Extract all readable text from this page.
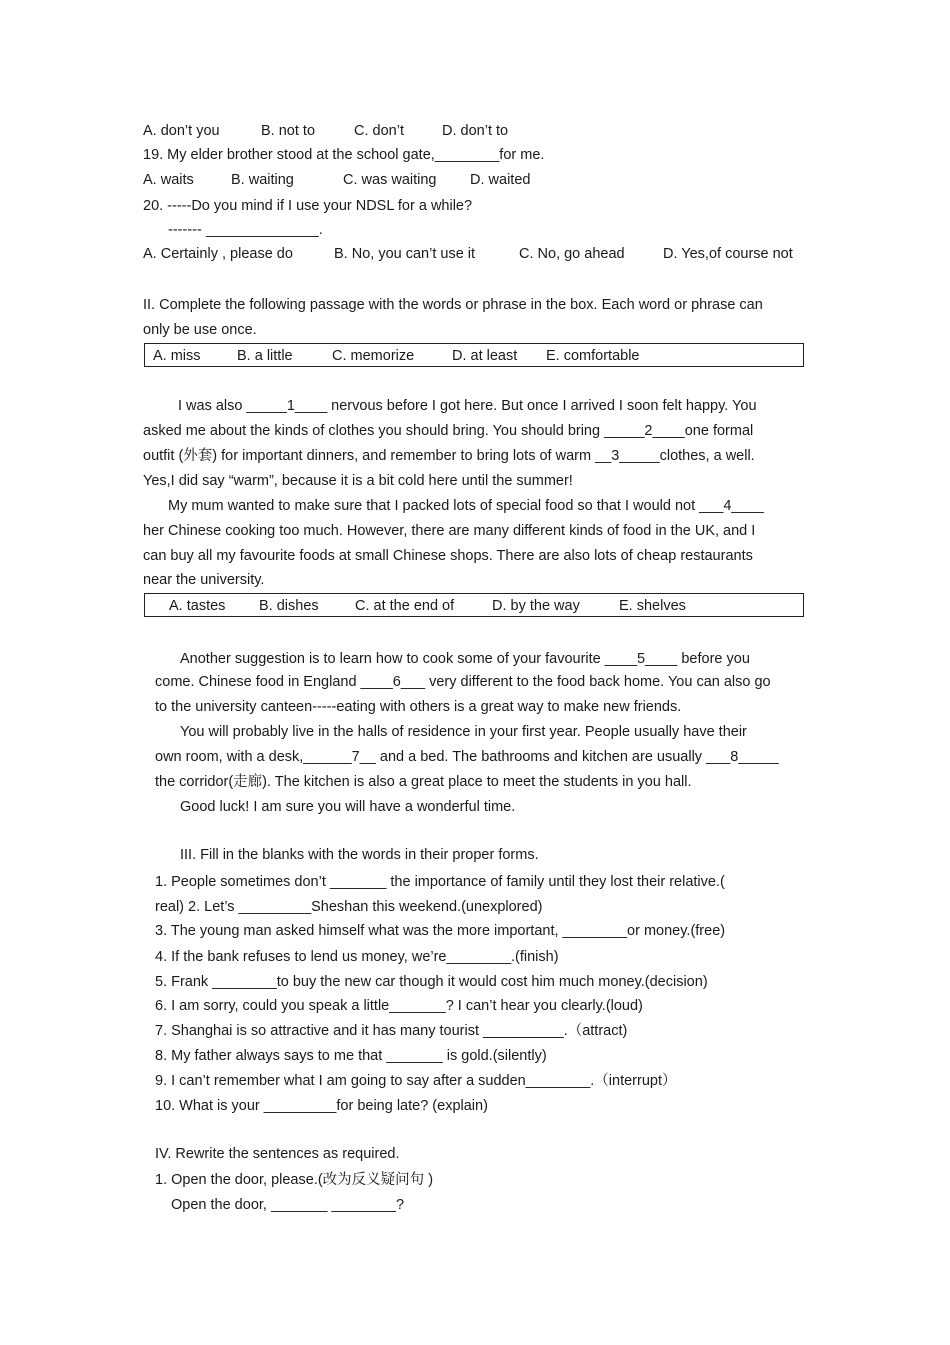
A. don’t you	B. not to	C. don’t	D. don’t to
19. My elder brother stood at the school gate,________for me.
A. waits	B. waiting	C. was waiting D. waited
20. -----Do you mind if I use your NDSL for a while?
------- ______________.
A. Certainly , please do	B. No, you can’t use it	C. No, go ahead	D. Yes,of course not
II. Complete the following passage with the words or phrase in the box. Each word or phrase can
only be use once.
A. miss	B. a little	C. memorize	D. at least E. comfortable
I was also _____1____ nervous before I got here. But once I arrived I soon felt happy. You
asked me about the kinds of clothes you should bring. You should bring _____2____one formal
outfit (外套) for important dinners, and remember to bring lots of warm __3_____clothes, a well.
Yes,I did say “warm”, because it is a bit cold here until the summer!
My mum wanted to make sure that I packed lots of special food so that I would not ___4____
her Chinese cooking too much. However, there are many different kinds of food in the UK, and I
can buy all my favourite foods at small Chinese shops. There are also lots of cheap restaurants
near the university.
A. tastes B. dishes	C. at the end of	D. by the way	E. shelves
Another suggestion is to learn how to cook some of your favourite ____5____ before you
come. Chinese food in England ____6___ very different to the food back home. You can also go
to the university canteen-----eating with others is a great way to make new friends.
You will probably live in the halls of residence in your first year. People usually have their
own room, with a desk,______7__ and a bed. The bathrooms and kitchen are usually ___8_____
the corridor(走廊). The kitchen is also a great place to meet the students in you hall.
Good luck! I am sure you will have a wonderful time.
III. Fill in the blanks with the words in their proper forms.
1. People sometimes don’t _______ the importance of family until they lost their relative.(
real) 2. Let’s _________Sheshan this weekend.(unexplored)
3. The young man asked himself what was the more important, ________or money.(free)
4. If the bank refuses to lend us money, we’re________.(finish)
5. Frank ________to buy the new car though it would cost him much money.(decision)
6. I am sorry, could you speak a little_______? I can’t hear you clearly.(loud)
7. Shanghai is so attractive and it has many tourist __________.（attract)
8. My father always says to me that _______ is gold.(silently)
9. I can’t remember what I am going to say after a sudden________.（interrupt）
10. What is your _________for being late? (explain)
IV. Rewrite the sentences as required.
1. Open the door, please.(改为反义疑问句 )
Open the door, _______ ________?
